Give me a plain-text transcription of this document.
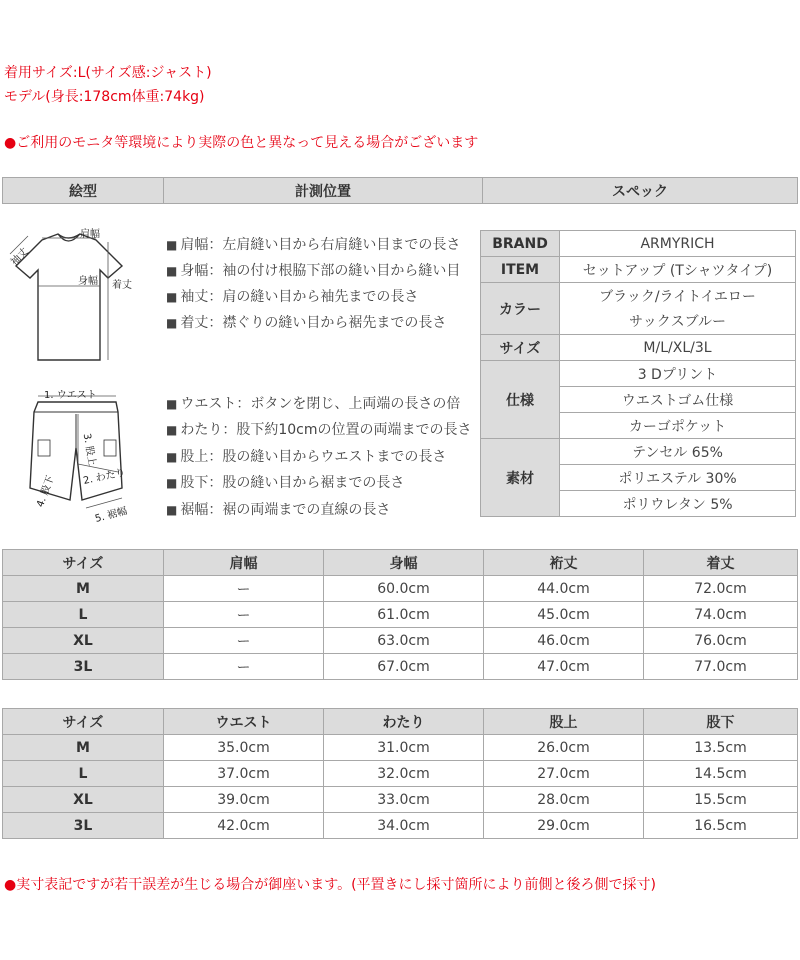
着用サイズ:L(サイズ感:ジャスト)
モデル(身長:178cm体重:74kg)
●ご利用のモニタ等環境により実際の色と異なって見える場合がございます
絵型	計測位置	スペック
肩幅
身幅 着丈
袖丈
1. ウエスト
3. 股上
2. わたり
4. 股下
5. 裾幅
■ 肩幅：左肩縫い目から右肩縫い目までの長さ
■ 身幅：袖の付け根脇下部の縫い目から縫い目
■ 袖丈：肩の縫い目から袖先までの長さ
■ 着丈：襟ぐりの縫い目から裾先までの長さ
■ ウエスト：ボタンを閉じ、上両端の長さの倍
■ わたり：股下約10cmの位置の両端までの長さ
■ 股上：股の縫い目からウエストまでの長さ
■ 股下：股の縫い目から裾までの長さ
■ 裾幅：裾の両端までの直線の長さ
BRAND	ARMYRICH
ITEM	セットアップ (Tシャツタイプ)
カラー	ブラック/ライトイエロー
	サックスブルー
サイズ	M/L/XL/3L
仕様	3 Dプリント
	ウエストゴム仕様
	カーゴポケット
素材	テンセル 65%
	ポリエステル 30%
	ポリウレタン 5%
サイズ	肩幅	身幅	裄丈	着丈
M	ー	60.0cm	44.0cm	72.0cm
L	ー	61.0cm	45.0cm	74.0cm
XL	ー	63.0cm	46.0cm	76.0cm
3L	ー	67.0cm	47.0cm	77.0cm
サイズ	ウエスト	わたり	股上	股下
M	35.0cm	31.0cm	26.0cm	13.5cm
L	37.0cm	32.0cm	27.0cm	14.5cm
XL	39.0cm	33.0cm	28.0cm	15.5cm
3L	42.0cm	34.0cm	29.0cm	16.5cm
●実寸表記ですが若干誤差が生じる場合が御座います。(平置きにし採寸箇所により前側と後ろ側で採寸)
